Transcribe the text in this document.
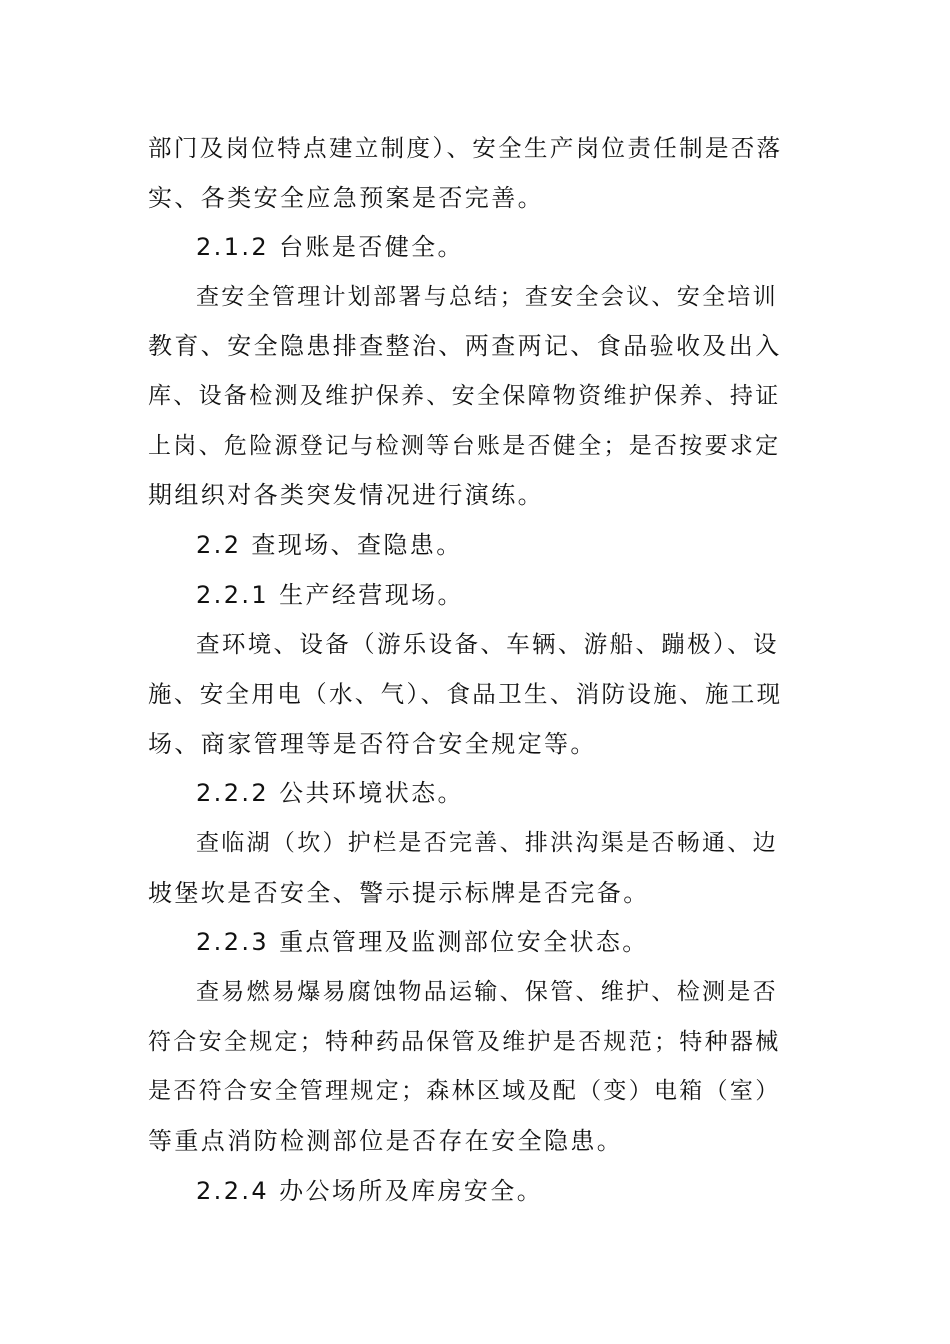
部门及岗位特点建立制度）、安全生产岗位责任制是否落
实、各类安全应急预案是否完善。
2.1.2 台账是否健全。
查安全管理计划部署与总结；查安全会议、安全培训
教育、安全隐患排查整治、两查两记、食品验收及出入
库、设备检测及维护保养、安全保障物资维护保养、持证
上岗、危险源登记与检测等台账是否健全；是否按要求定
期组织对各类突发情况进行演练。
2.2 查现场、查隐患。
2.2.1 生产经营现场。
查环境、设备（游乐设备、车辆、游船、蹦极）、设
施、安全用电（水、气）、食品卫生、消防设施、施工现
场、商家管理等是否符合安全规定等。
2.2.2 公共环境状态。
查临湖（坎）护栏是否完善、排洪沟渠是否畅通、边
坡堡坎是否安全、警示提示标牌是否完备。
2.2.3 重点管理及监测部位安全状态。
查易燃易爆易腐蚀物品运输、保管、维护、检测是否
符合安全规定；特种药品保管及维护是否规范；特种器械
是否符合安全管理规定；森林区域及配（变）电箱（室）
等重点消防检测部位是否存在安全隐患。
2.2.4 办公场所及库房安全。
